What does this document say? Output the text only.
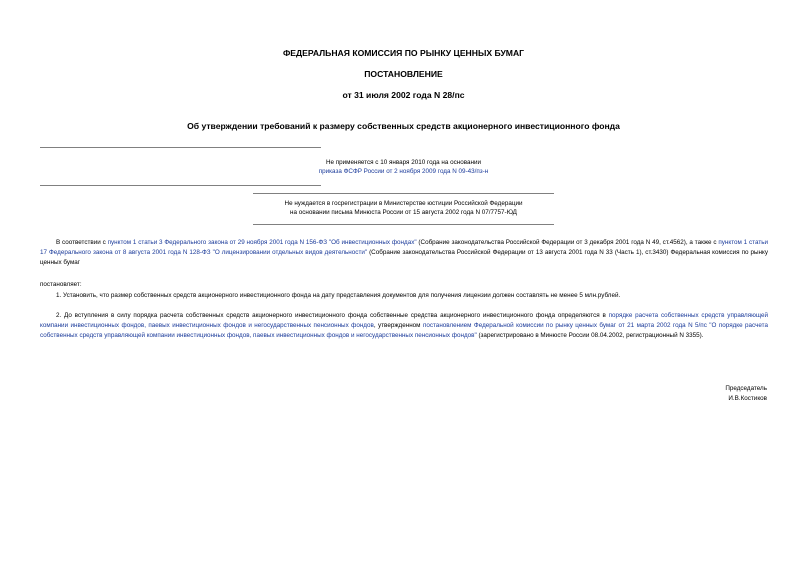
ФЕДЕРАЛЬНАЯ КОМИССИЯ ПО РЫНКУ ЦЕННЫХ БУМАГ
ПОСТАНОВЛЕНИЕ
от 31 июля 2002 года N 28/пс
Об утверждении требований к размеру собственных средств акционерного инвестиционного фонда
Не применяется с 10 января 2010 года на основании
приказа ФСФР России от 2 ноября 2009 года N 09-43/пз-н
Не нуждается в госрегистрации в Министерстве юстиции Российской Федерации
на основании письма Минюста России от 15 августа 2002 года N 07/7757-ЮД
В соответствии с пунктом 1 статьи 3 Федерального закона от 29 ноября 2001 года N 156-ФЗ "Об инвестиционных фондах" (Собрание законодательства Российской Федерации от 3 декабря 2001 года N 49, ст.4562), а также с пунктом 1 статьи 17 Федерального закона от 8 августа 2001 года N 128-ФЗ "О лицензировании отдельных видов деятельности" (Собрание законодательства Российской Федерации от 13 августа 2001 года N 33 (Часть 1), ст.3430) Федеральная комиссия по рынку ценных бумаг
постановляет:
1. Установить, что размер собственных средств акционерного инвестиционного фонда на дату представления документов для получения лицензии должен составлять не менее 5 млн.рублей.
2. До вступления в силу порядка расчета собственных средств акционерного инвестиционного фонда собственные средства акционерного инвестиционного фонда определяются в порядке расчета собственных средств управляющей компании инвестиционных фондов, паевых инвестиционных фондов и негосударственных пенсионных фондов, утвержденном постановлением Федеральной комиссии по рынку ценных бумаг от 21 марта 2002 года N 5/пс "О порядке расчета собственных средств управляющей компании инвестиционных фондов, паевых инвестиционных фондов и негосударственных пенсионных фондов" (зарегистрировано в Минюсте России 08.04.2002, регистрационный N 3355).
Председатель
И.В.Костиков
